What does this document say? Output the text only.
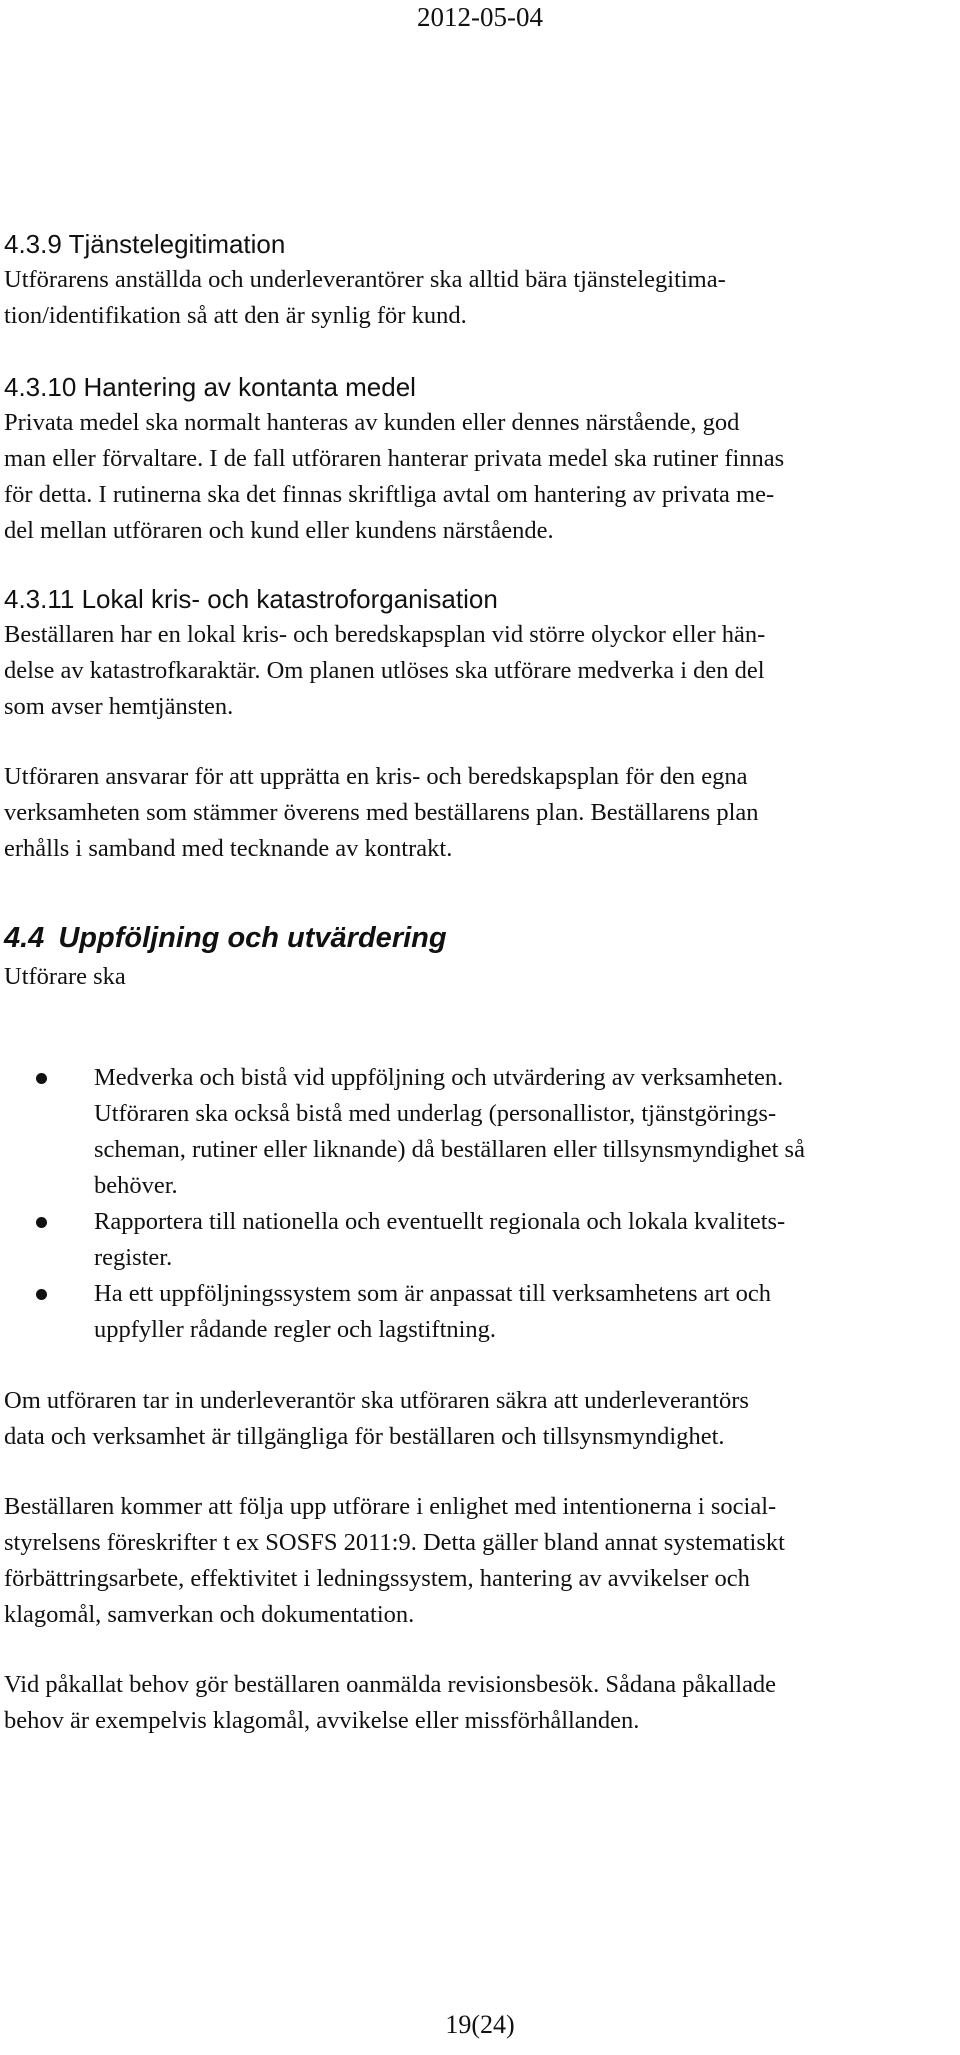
2012-05-04
4.3.9 Tjänstelegitimation

Utförarens anställda och underleverantörer ska alltid bära tjänstelegitima-
tion/identifikation så att den är synlig för kund.

4.3.10 Hantering av kontanta medel

Privata medel ska normalt hanteras av kunden eller dennes närstående, god
man eller förvaltare. I de fall utföraren hanterar privata medel ska rutiner finnas
för detta. I rutinerna ska det finnas skriftliga avtal om hantering av privata me-
del mellan utföraren och kund eller kundens närstående.

4.3.11 Lokal kris- och katastroforganisation

Beställaren har en lokal kris- och beredskapsplan vid större olyckor eller hän-
delse av katastrofkaraktär. Om planen utlöses ska utförare medverka i den del
som avser hemtjänsten.

Utföraren ansvarar för att upprätta en kris- och beredskapsplan för den egna
verksamheten som stämmer överens med beställarens plan. Beställarens plan
erhålls i samband med tecknande av kontrakt.

4.4 Uppföljning och utvärdering

Utförare ska

Medverka och bistå vid uppföljning och utvärdering av verksamheten.
Utföraren ska också bistå med underlag (personallistor, tjänstgörings-
scheman, rutiner eller liknande) då beställaren eller tillsynsmyndighet så
behöver.
Rapportera till nationella och eventuellt regionala och lokala kvalitets-
register.
Ha ett uppföljningssystem som är anpassat till verksamhetens art och
uppfyller rådande regler och lagstiftning.

Om utföraren tar in underleverantör ska utföraren säkra att underleverantörs
data och verksamhet är tillgängliga för beställaren och tillsynsmyndighet.

Beställaren kommer att följa upp utförare i enlighet med intentionerna i social-
styrelsens föreskrifter t ex SOSFS 2011:9. Detta gäller bland annat systematiskt
förbättringsarbete, effektivitet i ledningssystem, hantering av avvikelser och
klagomål, samverkan och dokumentation.

Vid påkallat behov gör beställaren oanmälda revisionsbesök. Sådana påkallade
behov är exempelvis klagomål, avvikelse eller missförhållanden.

19(24)
